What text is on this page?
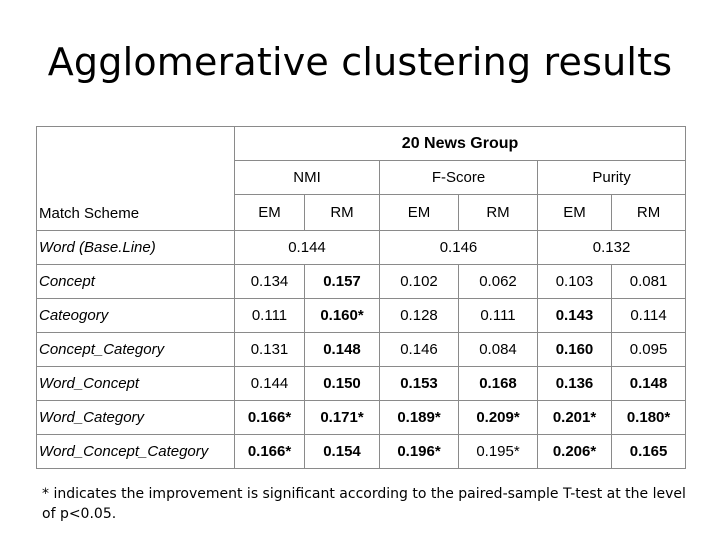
Agglomerative clustering results
Match Scheme	20 News Group					
	NMI		F-Score		Purity	
	EM	RM	EM	RM	EM	RM
Word (Base.Line)	0.144		0.146		0.132	
Concept	0.134	0.157	0.102	0.062	0.103	0.081
Cateogory	0.111	0.160*	0.128	0.111	0.143	0.114
Concept_Category	0.131	0.148	0.146	0.084	0.160	0.095
Word_Concept	0.144	0.150	0.153	0.168	0.136	0.148
Word_Category	0.166*	0.171*	0.189*	0.209*	0.201*	0.180*
Word_Concept_Category	0.166*	0.154	0.196*	0.195*	0.206*	0.165
* indicates the improvement is significant according to the paired-sample T-test at the level of p<0.05.
